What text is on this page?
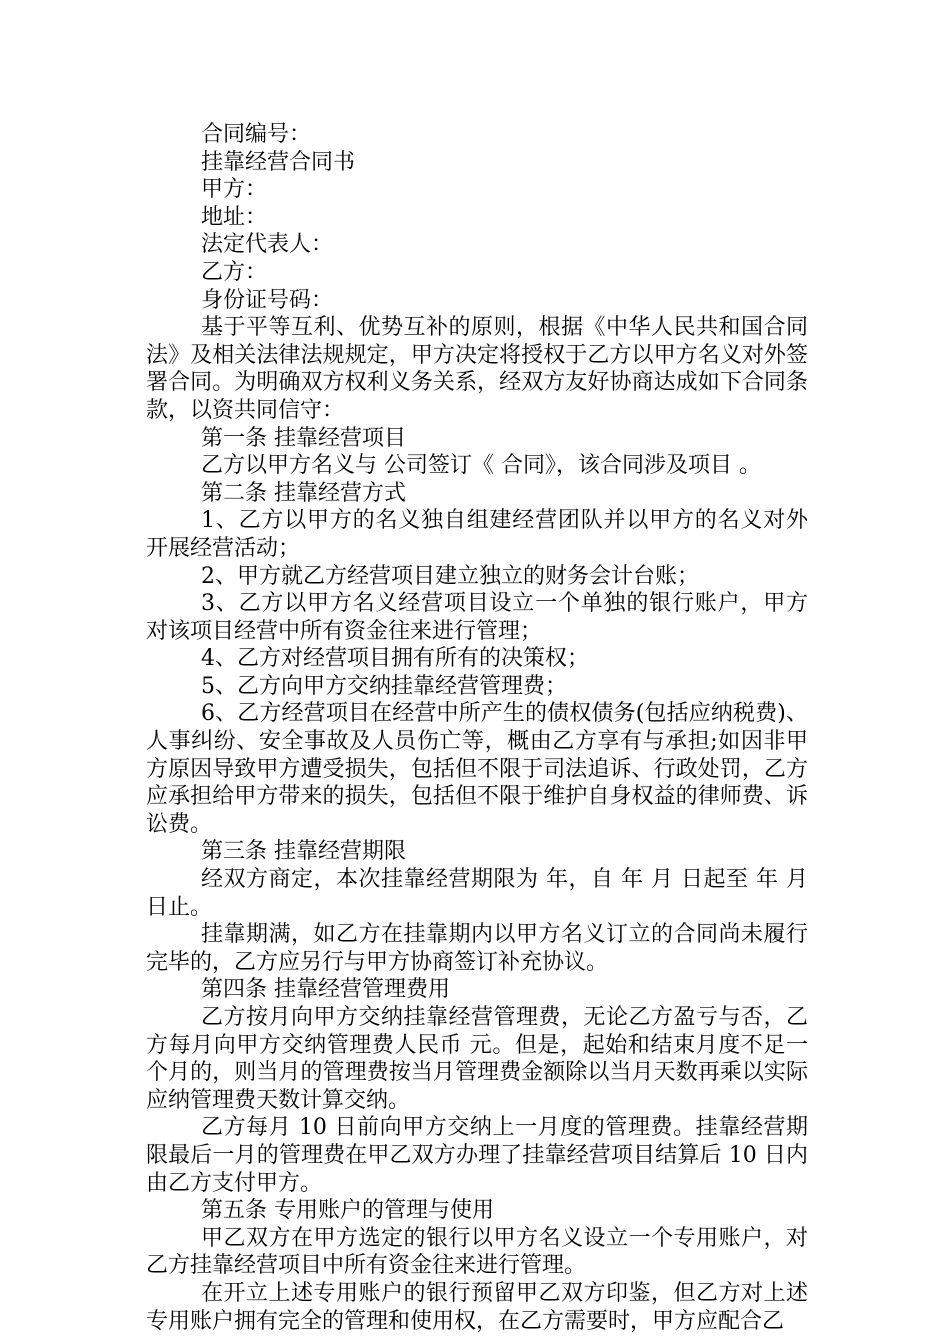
合同编号：
挂靠经营合同书
甲方：
地址：
法定代表人：
乙方：
身份证号码：

基于平等互利、优势互补的原则，根据《中华人民共和国合同法》及相关法律法规规定，甲方决定将授权于乙方以甲方名义对外签署合同。为明确双方权利义务关系，经双方友好协商达成如下合同条款，以资共同信守：

第一条 挂靠经营项目

乙方以甲方名义与 公司签订《 合同》，该合同涉及项目 。

第二条 挂靠经营方式

1、乙方以甲方的名义独自组建经营团队并以甲方的名义对外开展经营活动；

2、甲方就乙方经营项目建立独立的财务会计台账；

3、乙方以甲方名义经营项目设立一个单独的银行账户，甲方对该项目经营中所有资金往来进行管理；

4、乙方对经营项目拥有所有的决策权；

5、乙方向甲方交纳挂靠经营管理费；

6、乙方经营项目在经营中所产生的债权债务(包括应纳税费)、人事纠纷、安全事故及人员伤亡等，概由乙方享有与承担;如因非甲方原因导致甲方遭受损失，包括但不限于司法追诉、行政处罚，乙方应承担给甲方带来的损失，包括但不限于维护自身权益的律师费、诉讼费。

第三条 挂靠经营期限

经双方商定，本次挂靠经营期限为 年，自 年 月 日起至 年 月 日止。

挂靠期满，如乙方在挂靠期内以甲方名义订立的合同尚未履行完毕的，乙方应另行与甲方协商签订补充协议。

第四条 挂靠经营管理费用

乙方按月向甲方交纳挂靠经营管理费，无论乙方盈亏与否，乙方每月向甲方交纳管理费人民币 元。但是，起始和结束月度不足一个月的，则当月的管理费按当月管理费金额除以当月天数再乘以实际应纳管理费天数计算交纳。

乙方每月 10 日前向甲方交纳上一月度的管理费。挂靠经营期限最后一月的管理费在甲乙双方办理了挂靠经营项目结算后 10 日内由乙方支付甲方。

第五条 专用账户的管理与使用

甲乙双方在甲方选定的银行以甲方名义设立一个专用账户，对乙方挂靠经营项目中所有资金往来进行管理。

在开立上述专用账户的银行预留甲乙双方印鉴，但乙方对上述专用账户拥有完全的管理和使用权，在乙方需要时，甲方应配合乙
